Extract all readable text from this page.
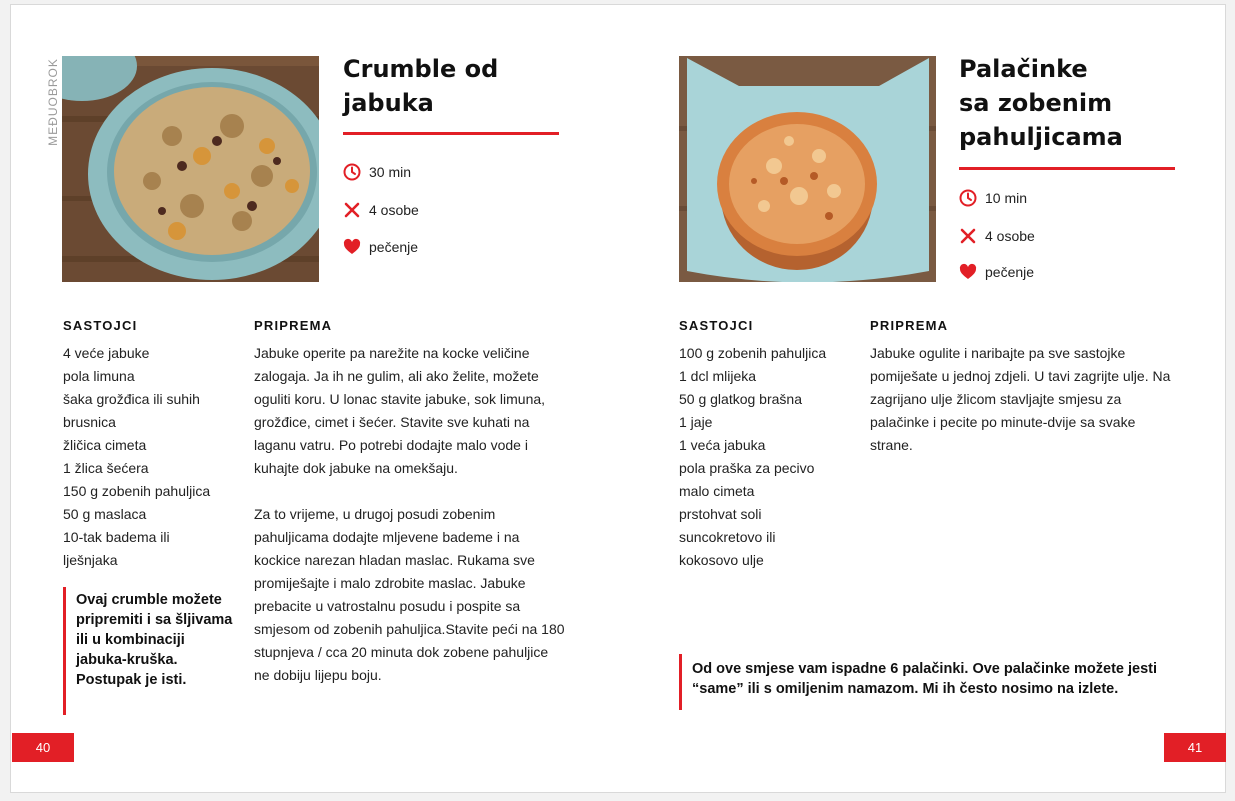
MEĐUOBROK	Crumble od
jabuka
30 min
4 osobe
pečenje
SASTOJCI
4 veće jabuke
pola limuna
šaka grožđica ili suhih
brusnica
žličica cimeta
1 žlica šećera
150 g zobenih pahuljica
50 g maslaca
10-tak badema ili
lješnjaka
PRIPREMA

Jabuke operite pa narežite na kocke veličine zalogaja. Ja ih ne gulim, ali ako želite, možete oguliti koru. U lonac stavite jabuke, sok limuna, grožđice, cimet i šećer. Stavite sve kuhati na laganu vatru. Po potrebi dodajte malo vode i kuhajte dok jabuke na omekšaju.

Za to vrijeme, u drugoj posudi zobenim pahuljicama dodajte mljevene bademe i na kockice narezan hladan maslac. Rukama sve promiješajte i malo zdrobite maslac. Jabuke prebacite u vatrostalnu posudu i pospite sa smjesom od zobenih pahuljica.Stavite peći na 180 stupnjeva / cca 20 minuta dok zobene pahuljice ne dobiju lijepu boju.

Ovaj crumble možete pripremiti i sa šljivama ili u kombinaciji jabuka-kruška. Postupak je isti.
40
Palačinke
sa zobenim
pahuljicama
10 min
4 osobe
pečenje
SASTOJCI
100 g zobenih pahuljica
1 dcl mlijeka
50 g glatkog brašna
1 jaje
1 veća jabuka
pola praška za pecivo
malo cimeta
prstohvat soli
suncokretovo ili
kokosovo ulje
PRIPREMA

Jabuke ogulite i naribajte pa sve sastojke pomiješate u jednoj zdjeli. U tavi zagrijte ulje. Na zagrijano ulje žlicom stavljajte smjesu za palačinke i pecite po minute-dvije sa svake strane.

Od ove smjese vam ispadne 6 palačinki. Ove palačinke možete jesti “same” ili s omiljenim namazom. Mi ih često nosimo na izlete.
41
